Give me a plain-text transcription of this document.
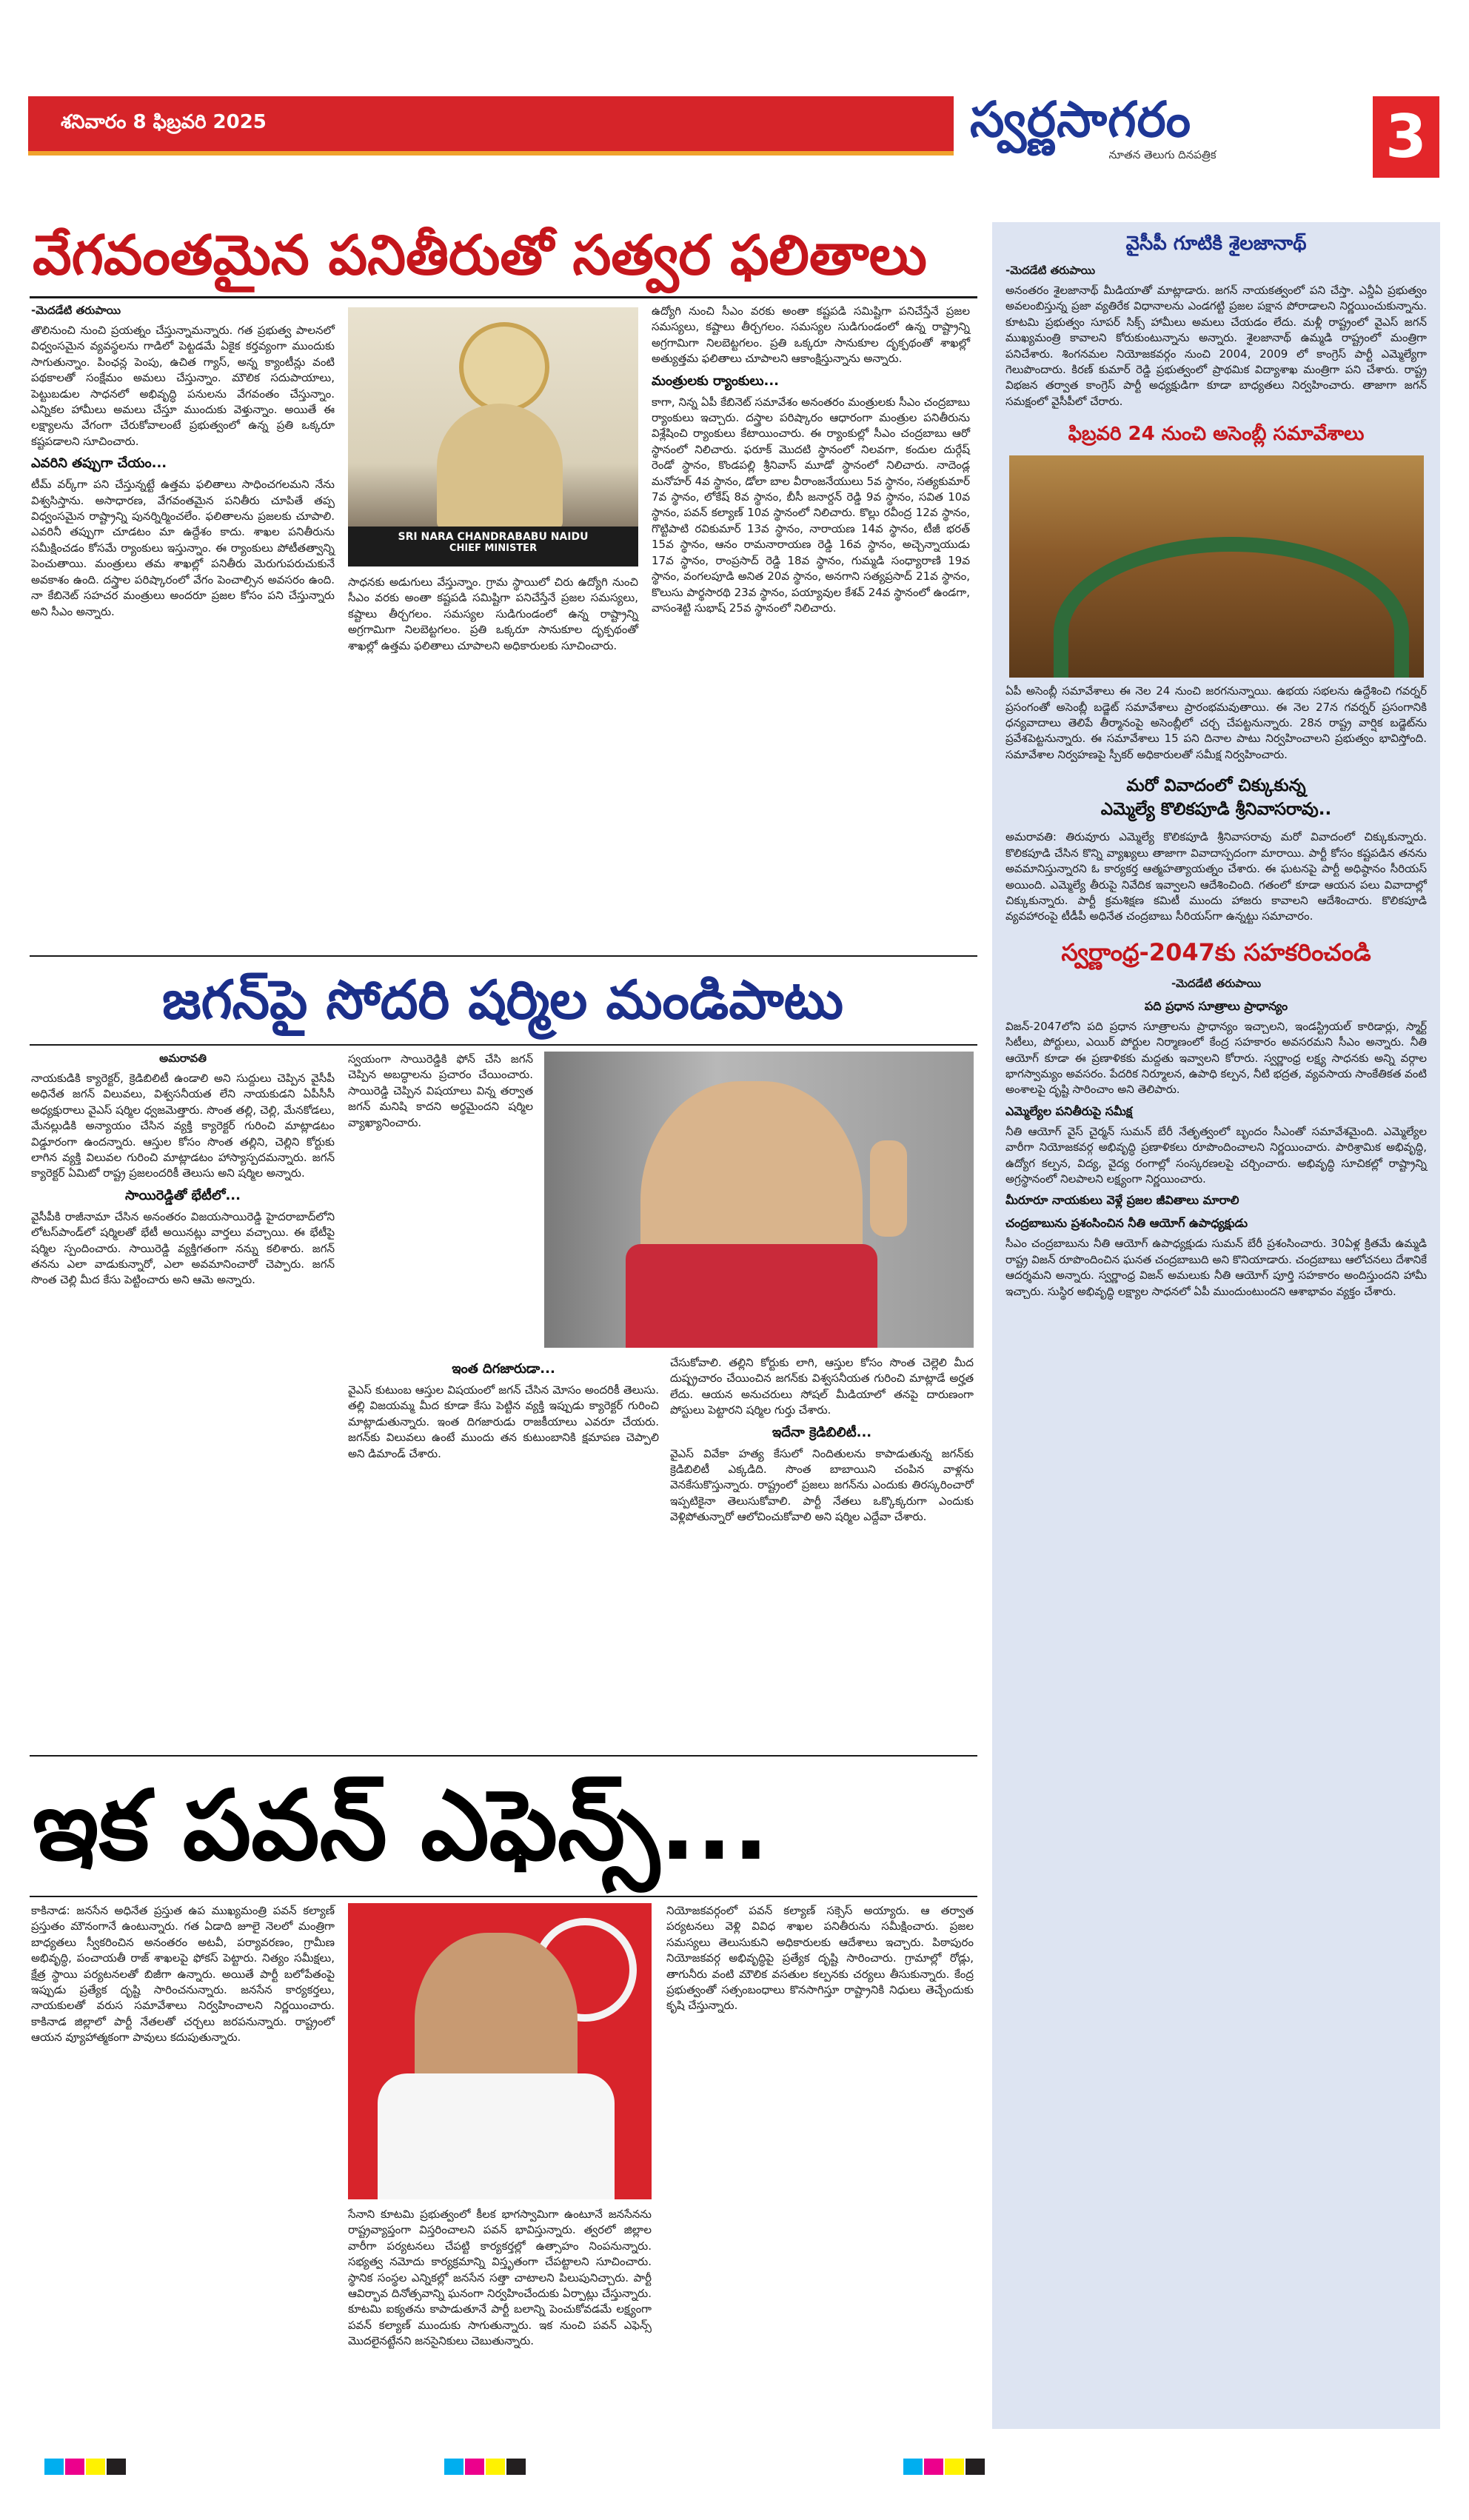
శనివారం 8 ఫిబ్రవరి 2025	స్వర్ణసాగరం
నూతన తెలుగు దినపత్రిక	3
వేగవంతమైన పనితీరుతో సత్వర ఫలితాలు

-మెదడేటి తరుపాయి

తొలినుంచి నుంచి ప్రయత్నం చేస్తున్నామన్నారు. గత ప్రభుత్వ పాలనలో విధ్వంసమైన వ్యవస్థలను గాడిలో పెట్టడమే ఏకైక కర్తవ్యంగా ముందుకు సాగుతున్నాం. పింఛన్ల పెంపు, ఉచిత గ్యాస్, అన్న క్యాంటీన్లు వంటి పథకాలతో సంక్షేమం అమలు చేస్తున్నాం. మౌలిక సదుపాయాలు, పెట్టుబడుల సాధనలో అభివృద్ధి పనులను వేగవంతం చేస్తున్నాం. ఎన్నికల హామీలు అమలు చేస్తూ ముందుకు వెళ్తున్నాం. అయితే ఈ లక్ష్యాలను వేగంగా చేరుకోవాలంటే ప్రభుత్వంలో ఉన్న ప్రతి ఒక్కరూ కష్టపడాలని సూచించారు.

ఎవరిని తప్పుగా చేయం...

టీమ్ వర్క్‌గా పని చేస్తున్నట్టే ఉత్తమ ఫలితాలు సాధించగలమని నేను విశ్వసిస్తాను. అసాధారణ, వేగవంతమైన పనితీరు చూపితే తప్ప విధ్వంసమైన రాష్ట్రాన్ని పునర్నిర్మించలేం. ఫలితాలను ప్రజలకు చూపాలి. ఎవరినీ తప్పుగా చూడటం మా ఉద్దేశం కాదు. శాఖల పనితీరును సమీక్షించడం కోసమే ర్యాంకులు ఇస్తున్నాం. ఈ ర్యాంకులు పోటీతత్వాన్ని పెంచుతాయి. మంత్రులు తమ శాఖల్లో పనితీరు మెరుగుపరుచుకునే అవకాశం ఉంది. దస్త్రాల పరిష్కారంలో వేగం పెంచాల్సిన అవసరం ఉంది. నా కేబినెట్ సహచర మంత్రులు అందరూ ప్రజల కోసం పని చేస్తున్నారు అని సీఎం అన్నారు.

SRI NARA CHANDRABABU NAIDU
CHIEF MINISTER

సాధనకు అడుగులు వేస్తున్నాం. గ్రామ స్థాయిలో చిరు ఉద్యోగి నుంచి సీఎం వరకు అంతా కష్టపడి సమిష్టిగా పనిచేస్తేనే ప్రజల సమస్యలు, కష్టాలు తీర్చగలం. సమస్యల సుడిగుండంలో ఉన్న రాష్ట్రాన్ని అగ్రగామిగా నిలబెట్టగలం. ప్రతి ఒక్కరూ సానుకూల దృక్పథంతో శాఖల్లో ఉత్తమ ఫలితాలు చూపాలని అధికారులకు సూచించారు.

ఉద్యోగి నుంచి సీఎం వరకు అంతా కష్టపడి సమిష్టిగా పనిచేస్తేనే ప్రజల సమస్యలు, కష్టాలు తీర్చగలం. సమస్యల సుడిగుండంలో ఉన్న రాష్ట్రాన్ని అగ్రగామిగా నిలబెట్టగలం. ప్రతి ఒక్కరూ సానుకూల దృక్పథంతో శాఖల్లో అత్యుత్తమ ఫలితాలు చూపాలని ఆకాంక్షిస్తున్నాను అన్నారు.

మంత్రులకు ర్యాంకులు...

కాగా, నిన్న ఏపీ కేబినెట్ సమావేశం అనంతరం మంత్రులకు సీఎం చంద్రబాబు ర్యాంకులు ఇచ్చారు. దస్త్రాల పరిష్కారం ఆధారంగా మంత్రుల పనితీరును విశ్లేషించి ర్యాంకులు కేటాయించారు. ఈ ర్యాంకుల్లో సీఎం చంద్రబాబు ఆరో స్థానంలో నిలిచారు. ఫరూక్ మొదటి స్థానంలో నిలవగా, కందుల దుర్గేష్ రెండో స్థానం, కొండపల్లి శ్రీనివాస్ మూడో స్థానంలో నిలిచారు. నాదెండ్ల మనోహర్ 4వ స్థానం, డోలా బాల వీరాంజనేయులు 5వ స్థానం, సత్యకుమార్ 7వ స్థానం, లోకేష్ 8వ స్థానం, బీసీ జనార్దన్ రెడ్డి 9వ స్థానం, సవిత 10వ స్థానం, పవన్ కల్యాణ్ 10వ స్థానంలో నిలిచారు. కొల్లు రవీంద్ర 12వ స్థానం, గొట్టిపాటి రవికుమార్ 13వ స్థానం, నారాయణ 14వ స్థానం, టీజీ భరత్ 15వ స్థానం, ఆనం రామనారాయణ రెడ్డి 16వ స్థానం, అచ్చెన్నాయుడు 17వ స్థానం, రాంప్రసాద్ రెడ్డి 18వ స్థానం, గుమ్మడి సంధ్యారాణి 19వ స్థానం, వంగలపూడి అనిత 20వ స్థానం, అనగాని సత్యప్రసాద్ 21వ స్థానం, కొలుసు పార్థసారథి 23వ స్థానం, పయ్యావుల కేశవ్ 24వ స్థానంలో ఉండగా, వాసంశెట్టి సుభాష్ 25వ స్థానంలో నిలిచారు.

జగన్‌పై సోదరి షర్మిల మండిపాటు

అమరావతి

నాయకుడికి క్యారెక్టర్, క్రెడిబిలిటీ ఉండాలి అని సుద్దులు చెప్పిన వైసీపీ అధినేత జగన్ విలువలు, విశ్వసనీయత లేని నాయకుడని ఏపీసీసీ అధ్యక్షురాలు వైఎస్ షర్మిల ధ్వజమెత్తారు. సొంత తల్లి, చెల్లి, మేనకోడలు, మేనల్లుడికి అన్యాయం చేసిన వ్యక్తి క్యారెక్టర్ గురించి మాట్లాడటం విడ్డూరంగా ఉందన్నారు. ఆస్తుల కోసం సొంత తల్లిని, చెల్లిని కోర్టుకు లాగిన వ్యక్తి విలువల గురించి మాట్లాడటం హాస్యాస్పదమన్నారు. జగన్ క్యారెక్టర్ ఏమిటో రాష్ట్ర ప్రజలందరికీ తెలుసు అని షర్మిల అన్నారు.

సాయిరెడ్డితో భేటీలో...

వైసీపీకి రాజీనామా చేసిన అనంతరం విజయసాయిరెడ్డి హైదరాబాద్‌లోని లోటస్‌పాండ్‌లో షర్మిలతో భేటీ అయినట్లు వార్తలు వచ్చాయి. ఈ భేటీపై షర్మిల స్పందించారు. సాయిరెడ్డి వ్యక్తిగతంగా నన్ను కలిశారు. జగన్ తనను ఎలా వాడుకున్నారో, ఎలా అవమానించారో చెప్పారు. జగన్ సొంత చెల్లి మీద కేసు పెట్టించారు అని ఆమె అన్నారు.

స్వయంగా సాయిరెడ్డికి ఫోన్ చేసి జగన్ చెప్పిన అబద్ధాలను ప్రచారం చేయించారు. సాయిరెడ్డి చెప్పిన విషయాలు విన్న తర్వాత జగన్ మనిషి కాదని అర్థమైందని షర్మిల వ్యాఖ్యానించారు.

ఇంత దిగజారుడా...

వైఎస్ కుటుంబ ఆస్తుల విషయంలో జగన్ చేసిన మోసం అందరికీ తెలుసు. తల్లి విజయమ్మ మీద కూడా కేసు పెట్టిన వ్యక్తి ఇప్పుడు క్యారెక్టర్ గురించి మాట్లాడుతున్నారు. ఇంత దిగజారుడు రాజకీయాలు ఎవరూ చేయరు. జగన్‌కు విలువలు ఉంటే ముందు తన కుటుంబానికి క్షమాపణ చెప్పాలి అని డిమాండ్ చేశారు.

చేసుకోవాలి. తల్లిని కోర్టుకు లాగి, ఆస్తుల కోసం సొంత చెల్లెలి మీద దుష్ప్రచారం చేయించిన జగన్‌కు విశ్వసనీయత గురించి మాట్లాడే అర్హత లేదు. ఆయన అనుచరులు సోషల్ మీడియాలో తనపై దారుణంగా పోస్టులు పెట్టారని షర్మిల గుర్తు చేశారు.

ఇదేనా క్రెడిబిలిటీ...

వైఎస్ వివేకా హత్య కేసులో నిందితులను కాపాడుతున్న జగన్‌కు క్రెడిబిలిటీ ఎక్కడిది. సొంత బాబాయిని చంపిన వాళ్లను వెనకేసుకొస్తున్నారు. రాష్ట్రంలో ప్రజలు జగన్‌ను ఎందుకు తిరస్కరించారో ఇప్పటికైనా తెలుసుకోవాలి. పార్టీ నేతలు ఒక్కొక్కరుగా ఎందుకు వెళ్లిపోతున్నారో ఆలోచించుకోవాలి అని షర్మిల ఎద్దేవా చేశారు.

ఇక పవన్ ఎఫెన్స్...

కాకినాడ: జనసేన అధినేత ప్రస్తుత ఉప ముఖ్యమంత్రి పవన్ కల్యాణ్ ప్రస్తుతం మౌనంగానే ఉంటున్నారు. గత ఏడాది జూలై నెలలో మంత్రిగా బాధ్యతలు స్వీకరించిన అనంతరం అటవీ, పర్యావరణం, గ్రామీణ అభివృద్ధి, పంచాయతీ రాజ్ శాఖలపై ఫోకస్ పెట్టారు. నిత్యం సమీక్షలు, క్షేత్ర స్థాయి పర్యటనలతో బిజీగా ఉన్నారు. అయితే పార్టీ బలోపేతంపై ఇప్పుడు ప్రత్యేక దృష్టి సారించనున్నారు. జనసేన కార్యకర్తలు, నాయకులతో వరుస సమావేశాలు నిర్వహించాలని నిర్ణయించారు. కాకినాడ జిల్లాలో పార్టీ నేతలతో చర్చలు జరపనున్నారు. రాష్ట్రంలో ఆయన వ్యూహాత్మకంగా పావులు కదుపుతున్నారు.

సేనాని కూటమి ప్రభుత్వంలో కీలక భాగస్వామిగా ఉంటూనే జనసేనను రాష్ట్రవ్యాప్తంగా విస్తరించాలని పవన్ భావిస్తున్నారు. త్వరలో జిల్లాల వారీగా పర్యటనలు చేపట్టి కార్యకర్తల్లో ఉత్సాహం నింపనున్నారు. సభ్యత్వ నమోదు కార్యక్రమాన్ని విస్తృతంగా చేపట్టాలని సూచించారు. స్థానిక సంస్థల ఎన్నికల్లో జనసేన సత్తా చాటాలని పిలుపునిచ్చారు. పార్టీ ఆవిర్భావ దినోత్సవాన్ని ఘనంగా నిర్వహించేందుకు ఏర్పాట్లు చేస్తున్నారు. కూటమి ఐక్యతను కాపాడుతూనే పార్టీ బలాన్ని పెంచుకోవడమే లక్ష్యంగా పవన్ కల్యాణ్ ముందుకు సాగుతున్నారు. ఇక నుంచి పవన్ ఎఫెన్స్ మొదలైనట్టేనని జనసైనికులు చెబుతున్నారు.

నియోజకవర్గంలో పవన్ కల్యాణ్ సక్సెస్ అయ్యారు. ఆ తర్వాత పర్యటనలు వెళ్లి వివిధ శాఖల పనితీరును సమీక్షించారు. ప్రజల సమస్యలు తెలుసుకుని అధికారులకు ఆదేశాలు ఇచ్చారు. పిఠాపురం నియోజకవర్గ అభివృద్ధిపై ప్రత్యేక దృష్టి సారించారు. గ్రామాల్లో రోడ్లు, తాగునీరు వంటి మౌలిక వసతుల కల్పనకు చర్యలు తీసుకున్నారు. కేంద్ర ప్రభుత్వంతో సత్సంబంధాలు కొనసాగిస్తూ రాష్ట్రానికి నిధులు తెచ్చేందుకు కృషి చేస్తున్నారు.

వైసీపీ గూటికి శైలజానాథ్

-మెదడేటి తరుపాయి

అనంతరం శైలజానాథ్ మీడియాతో మాట్లాడారు. జగన్ నాయకత్వంలో పని చేస్తా. ఎన్డీఏ ప్రభుత్వం అవలంబిస్తున్న ప్రజా వ్యతిరేక విధానాలను ఎండగట్టి ప్రజల పక్షాన పోరాడాలని నిర్ణయించుకున్నాను. కూటమి ప్రభుత్వం సూపర్ సిక్స్ హామీలు అమలు చేయడం లేదు. మళ్లీ రాష్ట్రంలో వైఎస్ జగన్ ముఖ్యమంత్రి కావాలని కోరుకుంటున్నాను అన్నారు. శైలజానాథ్ ఉమ్మడి రాష్ట్రంలో మంత్రిగా పనిచేశారు. శింగనమల నియోజకవర్గం నుంచి 2004, 2009 లో కాంగ్రెస్ పార్టీ ఎమ్మెల్యేగా గెలుపొందారు. కిరణ్ కుమార్ రెడ్డి ప్రభుత్వంలో ప్రాథమిక విద్యాశాఖ మంత్రిగా పని చేశారు. రాష్ట్ర విభజన తర్వాత కాంగ్రెస్ పార్టీ అధ్యక్షుడిగా కూడా బాధ్యతలు నిర్వహించారు. తాజాగా జగన్ సమక్షంలో వైసీపీలో చేరారు.

ఫిబ్రవరి 24 నుంచి అసెంబ్లీ సమావేశాలు

ఏపీ అసెంబ్లీ సమావేశాలు ఈ నెల 24 నుంచి జరగనున్నాయి. ఉభయ సభలను ఉద్దేశించి గవర్నర్ ప్రసంగంతో అసెంబ్లీ బడ్జెట్ సమావేశాలు ప్రారంభమవుతాయి. ఈ నెల 27న గవర్నర్ ప్రసంగానికి ధన్యవాదాలు తెలిపే తీర్మానంపై అసెంబ్లీలో చర్చ చేపట్టనున్నారు. 28న రాష్ట్ర వార్షిక బడ్జెట్‌ను ప్రవేశపెట్టనున్నారు. ఈ సమావేశాలు 15 పని దినాల పాటు నిర్వహించాలని ప్రభుత్వం భావిస్తోంది. సమావేశాల నిర్వహణపై స్పీకర్ అధికారులతో సమీక్ష నిర్వహించారు.

మరో వివాదంలో చిక్కుకున్న
ఎమ్మెల్యే కొలికపూడి శ్రీనివాసరావు..

అమరావతి: తిరువూరు ఎమ్మెల్యే కొలికపూడి శ్రీనివాసరావు మరో వివాదంలో చిక్కుకున్నారు. కొలికపూడి చేసిన కొన్ని వ్యాఖ్యలు తాజాగా వివాదాస్పదంగా మారాయి. పార్టీ కోసం కష్టపడిన తనను అవమానిస్తున్నారని ఓ కార్యకర్త ఆత్మహత్యాయత్నం చేశారు. ఈ ఘటనపై పార్టీ అధిష్ఠానం సీరియస్ అయింది. ఎమ్మెల్యే తీరుపై నివేదిక ఇవ్వాలని ఆదేశించింది. గతంలో కూడా ఆయన పలు వివాదాల్లో చిక్కుకున్నారు. పార్టీ క్రమశిక్షణ కమిటీ ముందు హాజరు కావాలని ఆదేశించారు. కొలికపూడి వ్యవహారంపై టీడీపీ అధినేత చంద్రబాబు సీరియస్‌గా ఉన్నట్టు సమాచారం.

స్వర్ణాంధ్ర-2047కు సహకరించండి

-మెదడేటి తరుపాయి

పది ప్రధాన సూత్రాలు ప్రాధాన్యం

విజన్-2047లోని పది ప్రధాన సూత్రాలను ప్రాధాన్యం ఇచ్చాలని, ఇండస్ట్రియల్ కారిడార్లు, స్మార్ట్ సిటీలు, పోర్టులు, ఎయిర్ పోర్టుల నిర్మాణంలో కేంద్ర సహకారం అవసరమని సీఎం అన్నారు. నీతి ఆయోగ్ కూడా ఈ ప్రణాళికకు మద్దతు ఇవ్వాలని కోరారు. స్వర్ణాంధ్ర లక్ష్య సాధనకు అన్ని వర్గాల భాగస్వామ్యం అవసరం. పేదరిక నిర్మూలన, ఉపాధి కల్పన, నీటి భద్రత, వ్యవసాయ సాంకేతికత వంటి అంశాలపై దృష్టి సారించాం అని తెలిపారు.

ఎమ్మెల్యేల పనితీరుపై సమీక్ష

నీతి ఆయోగ్ వైస్ చైర్మన్ సుమన్ బేరీ నేతృత్వంలో బృందం సీఎంతో సమావేశమైంది. ఎమ్మెల్యేల వారీగా నియోజకవర్గ అభివృద్ధి ప్రణాళికలు రూపొందించాలని నిర్ణయించారు. పారిశ్రామిక అభివృద్ధి, ఉద్యోగ కల్పన, విద్య, వైద్య రంగాల్లో సంస్కరణలపై చర్చించారు. అభివృద్ధి సూచికల్లో రాష్ట్రాన్ని అగ్రస్థానంలో నిలపాలని లక్ష్యంగా నిర్ణయించారు.

మీరూరూ నాయకులు వెళ్లే ప్రజల జీవితాలు మారాలి

చంద్రబాబును ప్రశంసించిన నీతి ఆయోగ్ ఉపాధ్యక్షుడు

సీఎం చంద్రబాబును నీతి ఆయోగ్ ఉపాధ్యక్షుడు సుమన్ బేరీ ప్రశంసించారు. 30ఏళ్ల క్రితమే ఉమ్మడి రాష్ట్ర విజన్ రూపొందించిన ఘనత చంద్రబాబుది అని కొనియాడారు. చంద్రబాబు ఆలోచనలు దేశానికే ఆదర్శమని అన్నారు. స్వర్ణాంధ్ర విజన్ అమలుకు నీతి ఆయోగ్ పూర్తి సహకారం అందిస్తుందని హామీ ఇచ్చారు. సుస్థిర అభివృద్ధి లక్ష్యాల సాధనలో ఏపీ ముందుంటుందని ఆశాభావం వ్యక్తం చేశారు.
